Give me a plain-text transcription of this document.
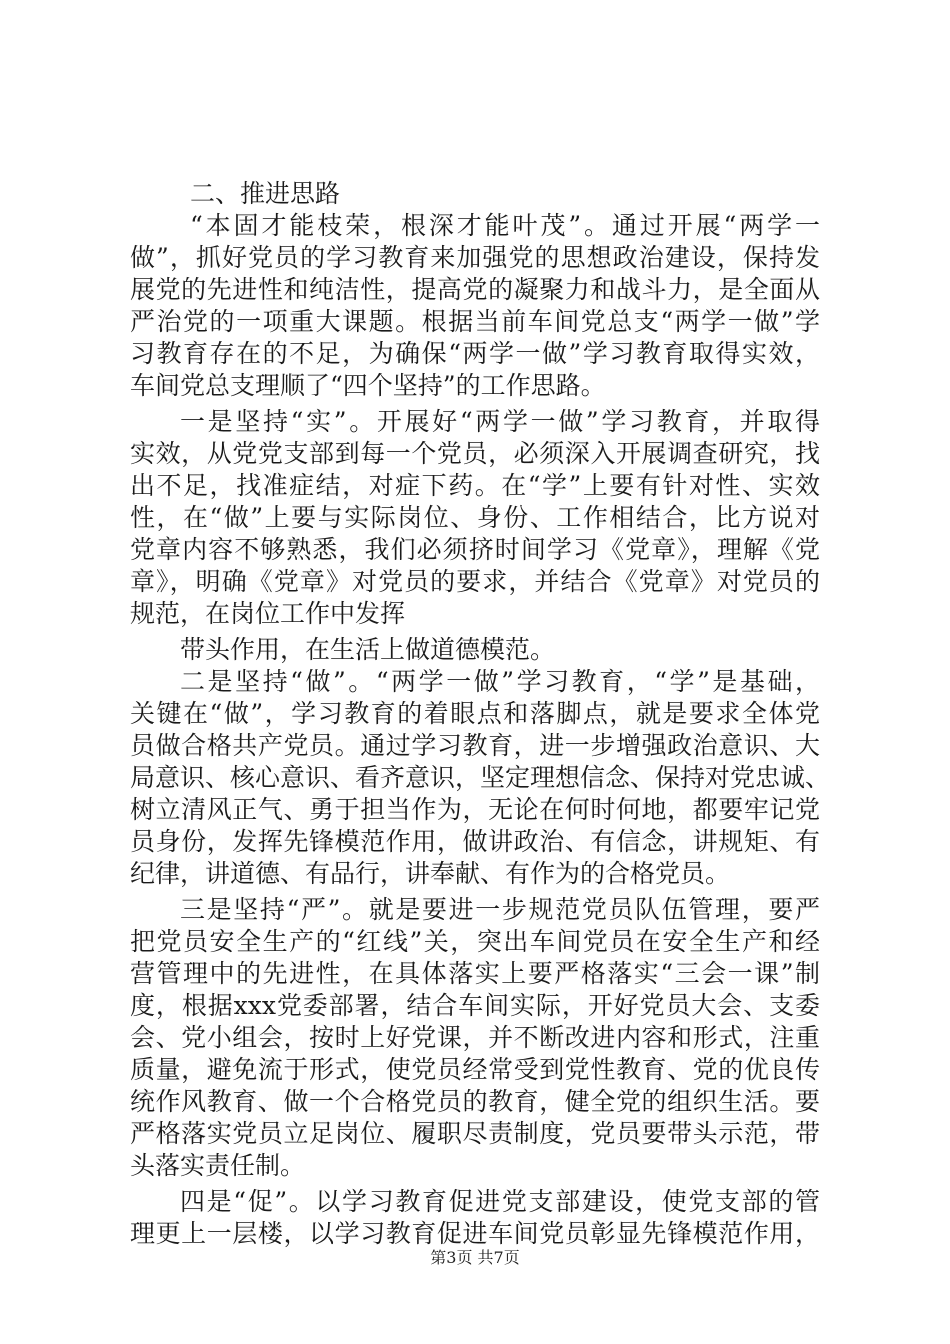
二、推进思路
“本固才能枝荣，根深才能叶茂”。通过开展“两学一
做”，抓好党员的学习教育来加强党的思想政治建设，保持发
展党的先进性和纯洁性，提高党的凝聚力和战斗力，是全面从
严治党的一项重大课题。根据当前车间党总支“两学一做”学
习教育存在的不足，为确保“两学一做”学习教育取得实效，
车间党总支理顺了“四个坚持”的工作思路。
一是坚持“实”。开展好“两学一做”学习教育，并取得
实效，从党党支部到每一个党员，必须深入开展调查研究，找
出不足，找准症结，对症下药。在“学”上要有针对性、实效
性，在“做”上要与实际岗位、身份、工作相结合，比方说对
党章内容不够熟悉，我们必须挤时间学习《党章》，理解《党
章》，明确《党章》对党员的要求，并结合《党章》对党员的
规范，在岗位工作中发挥
带头作用，在生活上做道德模范。
二是坚持“做”。“两学一做”学习教育，“学”是基础，
关键在“做”，学习教育的着眼点和落脚点，就是要求全体党
员做合格共产党员。通过学习教育，进一步增强政治意识、大
局意识、核心意识、看齐意识，坚定理想信念、保持对党忠诚、
树立清风正气、勇于担当作为，无论在何时何地，都要牢记党
员身份，发挥先锋模范作用，做讲政治、有信念，讲规矩、有
纪律，讲道德、有品行，讲奉献、有作为的合格党员。
三是坚持“严”。就是要进一步规范党员队伍管理，要严
把党员安全生产的“红线”关，突出车间党员在安全生产和经
营管理中的先进性，在具体落实上要严格落实“三会一课”制
度，根据xxx党委部署，结合车间实际，开好党员大会、支委
会、党小组会，按时上好党课，并不断改进内容和形式，注重
质量，避免流于形式，使党员经常受到党性教育、党的优良传
统作风教育、做一个合格党员的教育，健全党的组织生活。要
严格落实党员立足岗位、履职尽责制度，党员要带头示范，带
头落实责任制。
四是“促”。以学习教育促进党支部建设，使党支部的管
理更上一层楼，以学习教育促进车间党员彰显先锋模范作用，
第3页 共7页
